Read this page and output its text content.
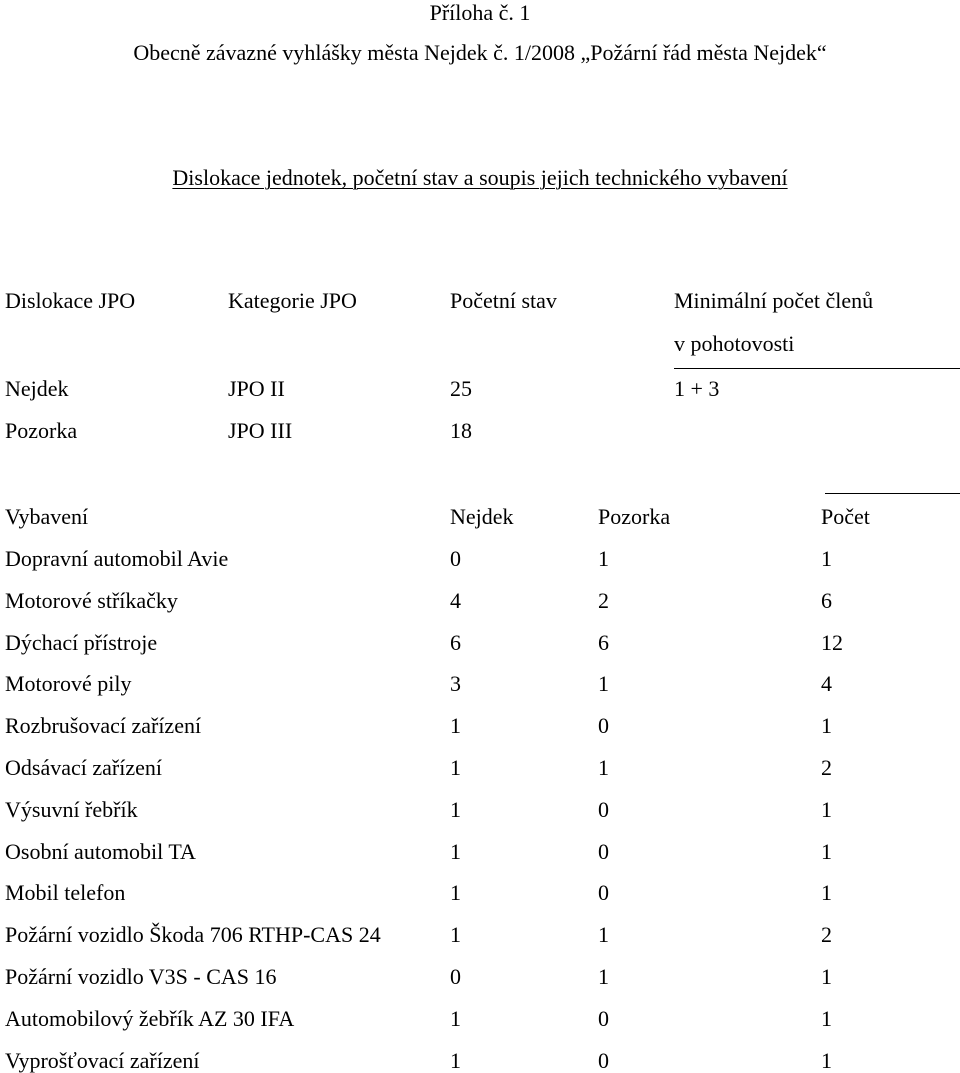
Příloha č. 1
Obecně závazné vyhlášky města Nejdek č. 1/2008 „Požární řád města Nejdek“
Dislokace jednotek, početní stav a soupis jejich technického vybavení
Dislokace JPO	Kategorie JPO	Početní stav	Minimální počet členů
v pohotovosti
Nejdek	JPO II	25	1 + 3
Pozorka	JPO III	18
Vybavení	Nejdek	Pozorka	Počet
Dopravní automobil Avie	0	1	1
Motorové stříkačky	4	2	6
Dýchací přístroje	6	6	12
Motorové pily	3	1	4
Rozbrušovací zařízení	1	0	1
Odsávací zařízení	1	1	2
Výsuvní řebřík	1	0	1
Osobní automobil TA	1	0	1
Mobil telefon	1	0	1
Požární vozidlo Škoda 706 RTHP-CAS 24	1	1	2
Požární vozidlo V3S - CAS 16	0	1	1
Automobilový žebřík AZ 30 IFA	1	0	1
Vyprošťovací zařízení	1	0	1
